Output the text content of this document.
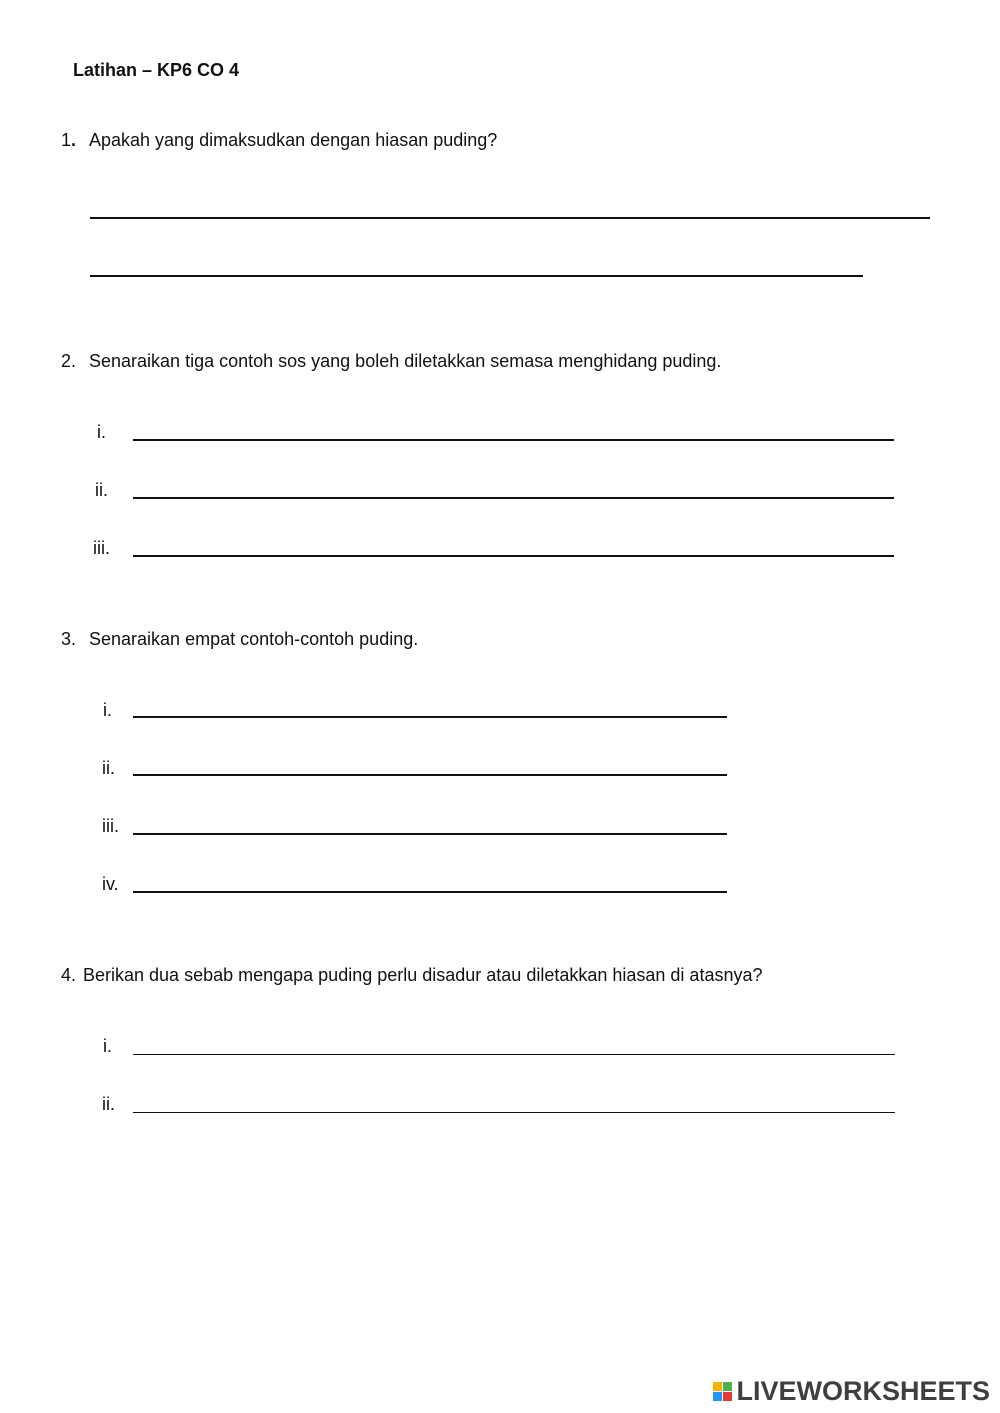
Latihan – KP6 CO 4
1. Apakah yang dimaksudkan dengan hiasan puding?
2. Senaraikan tiga contoh sos yang boleh diletakkan semasa menghidang puding.
i.
ii.
iii.
3. Senaraikan empat contoh-contoh puding.
i.
ii.
iii.
iv.
4. Berikan dua sebab mengapa puding perlu disadur atau diletakkan hiasan di atasnya?
i.
ii.
LIVEWORKSHEETS
